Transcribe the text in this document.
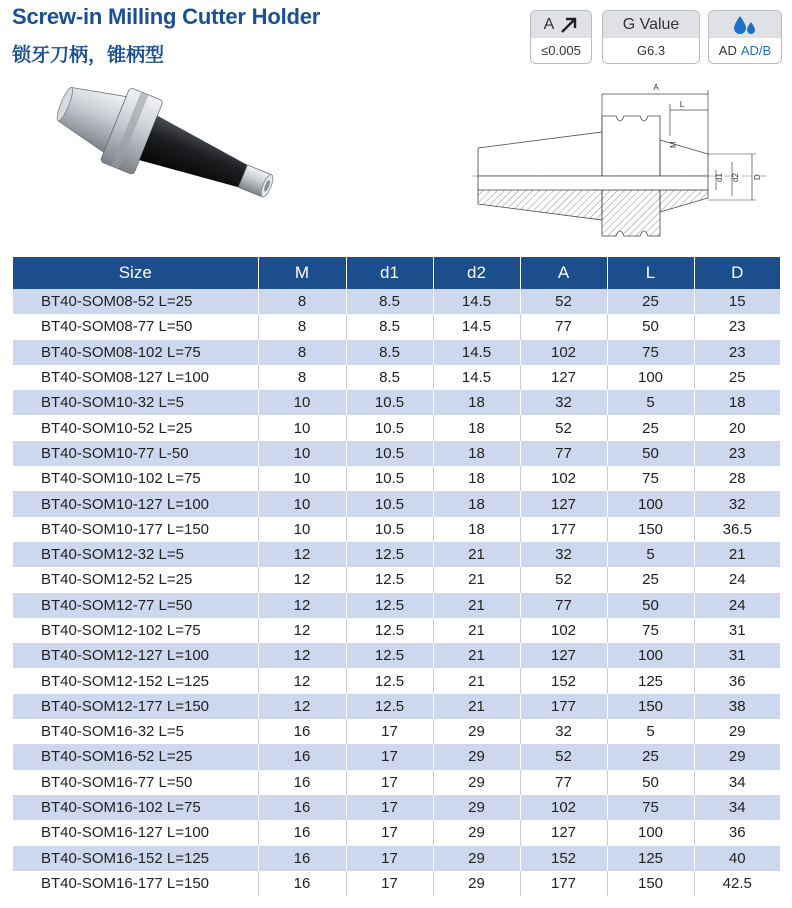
Screw-in Milling Cutter Holder
锁牙刀柄，锥柄型
A
≤0.005
G Value
G6.3	AD AD/B
A
L
M
d1 d2 D
Size	M	d1	d2	A	L	D
BT40-SOM08-52 L=25	8	8.5	14.5	52	25	15
BT40-SOM08-77 L=50	8	8.5	14.5	77	50	23
BT40-SOM08-102 L=75	8	8.5	14.5	102	75	23
BT40-SOM08-127 L=100	8	8.5	14.5	127	100	25
BT40-SOM10-32 L=5	10	10.5	18	32	5	18
BT40-SOM10-52 L=25	10	10.5	18	52	25	20
BT40-SOM10-77 L-50	10	10.5	18	77	50	23
BT40-SOM10-102 L=75	10	10.5	18	102	75	28
BT40-SOM10-127 L=100	10	10.5	18	127	100	32
BT40-SOM10-177 L=150	10	10.5	18	177	150	36.5
BT40-SOM12-32 L=5	12	12.5	21	32	5	21
BT40-SOM12-52 L=25	12	12.5	21	52	25	24
BT40-SOM12-77 L=50	12	12.5	21	77	50	24
BT40-SOM12-102 L=75	12	12.5	21	102	75	31
BT40-SOM12-127 L=100	12	12.5	21	127	100	31
BT40-SOM12-152 L=125	12	12.5	21	152	125	36
BT40-SOM12-177 L=150	12	12.5	21	177	150	38
BT40-SOM16-32 L=5	16	17	29	32	5	29
BT40-SOM16-52 L=25	16	17	29	52	25	29
BT40-SOM16-77 L=50	16	17	29	77	50	34
BT40-SOM16-102 L=75	16	17	29	102	75	34
BT40-SOM16-127 L=100	16	17	29	127	100	36
BT40-SOM16-152 L=125	16	17	29	152	125	40
BT40-SOM16-177 L=150	16	17	29	177	150	42.5
